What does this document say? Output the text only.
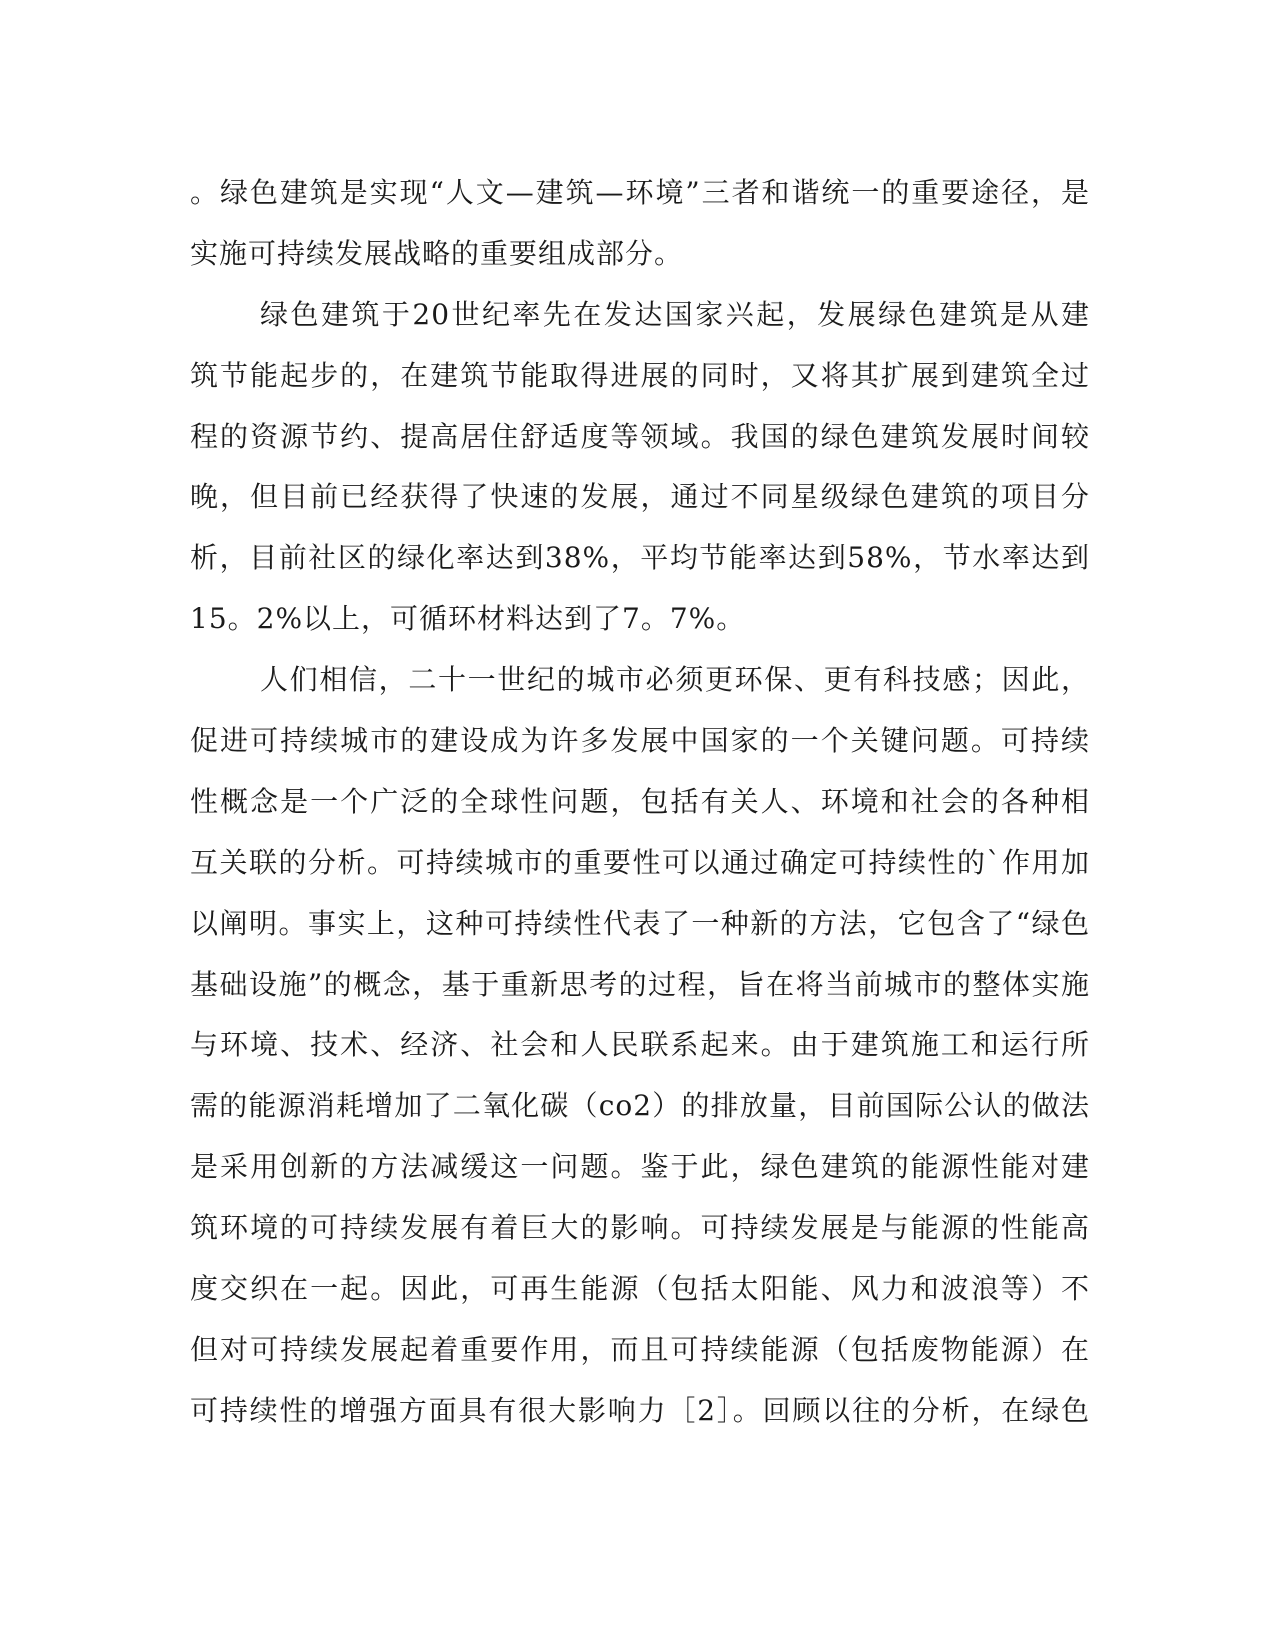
。绿色建筑是实现“人文—建筑—环境”三者和谐统一的重要途径，是
实施可持续发展战略的重要组成部分。
绿色建筑于20世纪率先在发达国家兴起，发展绿色建筑是从建
筑节能起步的，在建筑节能取得进展的同时，又将其扩展到建筑全过
程的资源节约、提高居住舒适度等领域。我国的绿色建筑发展时间较
晚，但目前已经获得了快速的发展，通过不同星级绿色建筑的项目分
析，目前社区的绿化率达到38%，平均节能率达到58%，节水率达到
15。2%以上，可循环材料达到了7。7%。
人们相信，二十一世纪的城市必须更环保、更有科技感；因此，
促进可持续城市的建设成为许多发展中国家的一个关键问题。可持续
性概念是一个广泛的全球性问题，包括有关人、环境和社会的各种相
互关联的分析。可持续城市的重要性可以通过确定可持续性的`作用加
以阐明。事实上，这种可持续性代表了一种新的方法，它包含了“绿色
基础设施”的概念，基于重新思考的过程，旨在将当前城市的整体实施
与环境、技术、经济、社会和人民联系起来。由于建筑施工和运行所
需的能源消耗增加了二氧化碳（co2）的排放量，目前国际公认的做法
是采用创新的方法减缓这一问题。鉴于此，绿色建筑的能源性能对建
筑环境的可持续发展有着巨大的影响。可持续发展是与能源的性能高
度交织在一起。因此，可再生能源（包括太阳能、风力和波浪等）不
但对可持续发展起着重要作用，而且可持续能源（包括废物能源）在
可持续性的增强方面具有很大影响力［2］。回顾以往的分析，在绿色
